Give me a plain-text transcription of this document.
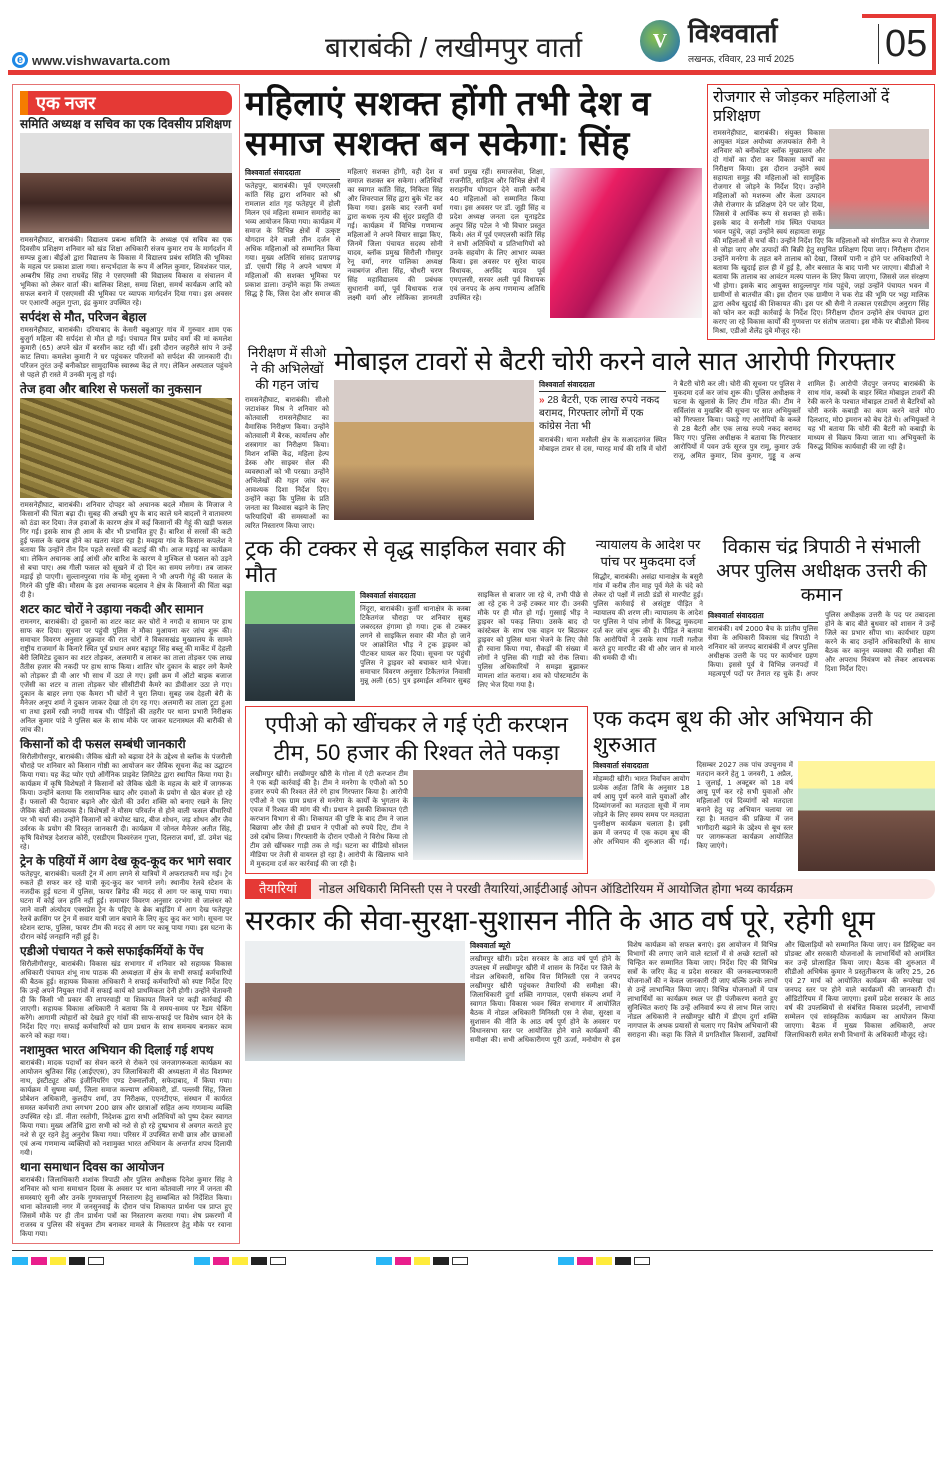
e www.vishwavarta.com	बाराबंकी / लखीमपुर वार्ता	V विश्ववार्ता
लखनऊ, रविवार, 23 मार्च 2025 05
एक नजर
समिति अध्यक्ष व सचिव का एक दिवसीय प्रशिक्षण

रामसनेहीघाट, बाराबंकी। विद्यालय प्रबन्ध समिति के अध्यक्ष एवं सचिव का एक दिवसीय प्रशिक्षण शनिवार को खंड शिक्षा अधिकारी संजय कुमार राय के मार्गदर्शन में सम्पन्न हुआ। बीईओ द्वारा विद्यालय के विकास में विद्यालय प्रबंध समिति की भूमिका के महत्व पर प्रकाश डाला गया। सन्दर्भदाता के रूप में अनिल कुमार, शिवशंकर पाल, अम्बरीष सिंह तथा राघवेंद्र सिंह ने एसएमसी की विद्यालय विकास व संचालन में भूमिका को लेकर वार्ता की। बालिका शिक्षा, समग्र शिक्षा, समर्थ कार्यक्रम आदि को सफल बनाने में एसएमसी की भूमिका पर व्यापक मार्गदर्शन दिया गया। इस अवसर पर एआरपी अतुल गुप्ता, इंद्र कुमार उपस्थित रहे।

सर्पदंश से मौत, परिजन बेहाल

रामसनेहीघाट, बाराबंकी। दरियाबाद के केसरी बबुआपुर गांव में गुरुवार शाम एक बुजुर्ग महिला की सर्पदंश से मौत हो गई। पंचायत मित्र प्रमोद वर्मा की मां कमलेश कुमारी (65) अपने खेत में बरसीन काट रही थीं। इसी दौरान जहरीले सांप ने उन्हें काट लिया। कमलेश कुमारी ने घर पहुंचकर परिजनों को सर्पदंश की जानकारी दी। परिजन तुरंत उन्हें बनीकोडर सामुदायिक स्वास्थ्य केंद्र ले गए। लेकिन अस्पताल पहुंचने से पहले ही रास्ते में उनकी मृत्यु हो गई।

तेज हवा और बारिश से फसलों का नुकसान

रामसनेहीघाट, बाराबंकी। शनिवार दोपहर को अचानक बदले मौसम के मिजाज ने किसानों की चिंता बढ़ा दी। सुबह की अच्छी धूप के बाद काले घने बादलों ने वातावरण को ठंडा कर दिया। तेज हवाओं के कारण क्षेत्र में कई किसानों की गेहूं की खड़ी फसल गिर गई। इसके साथ ही आम के बौर भी प्रभावित हुए हैं। बारिश से सरसों की कटी हुई फसल के खराब होने का खतरा मंडरा रहा है। मवइया गांव के किसान कपलेश ने बताया कि उन्होंने तीन दिन पहले सरसों की कटाई की थी। आज मड़ाई का कार्यक्रम था। लेकिन अचानक आई आंधी और बारिश के कारण वे मुश्किल से फसल को उड़ने से बचा पाए। अब गीली फसल को सूखने में दो दिन का समय लगेगा। तब जाकर मड़ाई हो पाएगी। सुल्तानपुरवा गांव के मोनू शुक्ला ने भी अपनी गेहूं की फसल के गिरने की पुष्टि की। मौसम के इस अचानक बदलाव ने क्षेत्र के किसानों की चिंता बढ़ा दी है।

शटर काट चोरों ने उड़ाया नकदी और सामान

रामनगर, बाराबंकी। दो दुकानों का शटर काट कर चोरों ने नगदी व सामान पर हाथ साफ कर दिया। सूचना पर पहुंची पुलिस ने मौका मुआयना कर जांच शुरू की। समाचार विवरण अनुसार शुक्रवार की रात चोरों ने विकासखंड मुख्यालय के सामने राष्ट्रीय राजमार्ग के किनारे स्थित पूर्व प्रधान अमर बहादुर सिंह बब्लू की मार्केट में देहली बेरी लिमिटेड दुकान का शटर तोड़कर, अलमारी व लाकर का ताला तोड़कर एक लाख तैंतीस हजार की नकदी पर हाथ साफ किया। शातिर चोर दुकान के बाहर लगे कैमरे को तोड़कर डी वी आर भी साथ में उठा ले गए। इसी क्रम में ऑटो बाइक बजाज एजेंसी का शटर व ताला तोड़कर चोर सीसीटीवी कैमरे का डीवीआर उठा ले गए। दुकान के बाहर लगा एक कैमरा भी चोरों ने चुरा लिया। सुबह जब देहली बेरी के मैनेजर अनूप शर्मा ने दुकान जाकर देखा तो दंग रह गए। अलमारी का ताला टूटा हुआ था तथा इसमें रखी नगदी गायब थी। पीड़ितों की तहरीर पर थाना प्रभारी निरीक्षक अनिल कुमार पांडे ने पुलिस बल के साथ मौके पर जाकर घटनास्थल की बारीकी से जांच की।

किसानों को दी फसल सम्बंधी जानकारी

सिरौलीगौसपुर, बाराबंकी। जैविक खेती को बढ़ावा देने के उद्देश्य से ब्लॉक के पंजरौली चौराहे पर शनिवार को किसान गोष्ठी का आयोजन कर जैविक सूचना केंद्र का उद्घाटन किया गया। यह केंद्र प्योर एग्रो ऑर्गेनिक प्राइवेट लिमिटेड द्वारा स्थापित किया गया है। कार्यक्रम में कृषि विशेषज्ञों ने किसानों को जैविक खेती के महत्व के बारे में जागरूक किया। उन्होंने बताया कि रासायनिक खाद और दवाओं के प्रयोग से खेत बंजर हो रहे हैं। फसलों की पैदावार बढ़ाने और खेतों की उर्वरा शक्ति को बनाए रखने के लिए जैविक खेती आवश्यक है। विशेषज्ञों ने मौसम परिवर्तन से होने वाली फसल बीमारियों पर भी चर्चा की। उन्होंने किसानों को कंपोस्ट खाद, बीज शोधन, जड़ शोधन और जैव उर्वरक के प्रयोग की विस्तृत जानकारी दी। कार्यक्रम में जोनल मैनेजर अतीत सिंह, कृषि विशेषज्ञ देशराज कोरी, एसडीएम विश्वरंजन गुप्ता, दिलराज वर्मा, डॉ. उमेश चंद्र रहे।

ट्रेन के पहियों में आग देख कूद-कूद कर भागे सवार

फतेहपुर, बाराबंकी। चलती ट्रेन में आग लगने से यात्रियों में अफरातफरी मच गई। ट्रेन रुकते ही सफर कर रहे यात्री कूद-कूद कर भागने लगे। स्थानीय रेलवे स्टेशन के नजदीक हुई घटना में पुलिस, फायर ब्रिगेड की मदद से आग पर काबू पाया गया। घटना में कोई जन हानि नहीं हुई। समाचार विवरण अनुसार दरभंगा से जालंधर को जाने वाली अंत्योदय एक्सप्रेस ट्रेन के पहिए के ब्रेक बाइंडिंग में आग देख फतेहपुर रेलवे क्रासिंग पर ट्रेन में सवार यात्री जान बचाने के लिए कूद कूद कर भागे। सूचना पर स्टेशन स्टाफ, पुलिस, फायर टीम की मदद से आग पर काबू पाया गया। इस घटना के दौरान कोई जनहानि नहीं हुई है।

एडीओ पंचायत ने कसे सफाईकर्मियों के पेंच

सिरौलीगौसपुर, बाराबंकी। विकास खंड सभागार में शनिवार को सहायक विकास अधिकारी पंचायत शंभू नाथ पाठक की अध्यक्षता में क्षेत्र के सभी सफाई कर्मचारियों की बैठक हुई। सहायक विकास अधिकारी ने सफाई कर्मचारियों को स्पष्ट निर्देश दिए कि उन्हें अपने नियुक्त गांवों में सफाई कार्य को प्राथमिकता देनी होगी। उन्होंने चेतावनी दी कि किसी भी प्रकार की लापरवाही या शिकायत मिलने पर कड़ी कार्रवाई की जाएगी। सहायक विकास अधिकारी ने बताया कि वे समय-समय पर रैंडम चेकिंग करेंगे। आगामी त्योहारों को देखते हुए गांवों की साफ-सफाई पर विशेष ध्यान देने के निर्देश दिए गए। सफाई कर्मचारियों को ग्राम प्रधान के साथ समन्वय बनाकर काम करने को कहा गया।

नशामुक्त भारत अभियान की दिलाई गई शपथ

बाराबंकी। मादक पदार्थों का सेवन करने से रोकने एवं जनजागरूकता कार्यक्रम का आयोजन श्रुतिका सिंह (आईएएस), उप जिलाधिकारी की अध्यक्षता में सेठ विशम्भर नाथ, इंस्टीट्यूट ऑफ इंजीनियरिंग एण्ड टेक्नालॉजी, सफेदाबाद, में किया गया। कार्यक्रम में सुषमा वर्मा, जिला समाज कल्याण अधिकारी, डॉ. पल्लवी सिंह, जिला प्रोबेशन अधिकारी, कुलदीप शर्मा, उप निरीक्षक, एएनटीएफ, संस्थान में कार्यरत समस्त कर्मचारी तथा लगभग 200 छात्र और छात्राओं सहित अन्य गणमान्य व्यक्ति उपस्थित रहे। डॉ. नीता रस्तोगी, निदेशक द्वारा सभी अतिथियों को पुष्प देकर स्वागत किया गया। मुख्य अतिथि द्वारा सभी को नशे से हो रहे दुष्प्रभाव से अवगत कराते हुए नशे से दूर रहने हेतु अनुरोध किया गया। परिसर में उपस्थित सभी छात्र और छात्राओं एवं अन्य गणमान्य व्यक्तियों को नशामुक्त भारत अभियान के अन्तर्गत शपथ दिलायी गयी।

थाना समाधान दिवस का आयोजन

बाराबंकी। जिलाधिकारी शशांक त्रिपाठी और पुलिस अधीक्षक दिनेश कुमार सिंह ने शनिवार को थाना समाधान दिवस के अवसर पर थाना कोतवाली नगर में जनता की समस्याएं सुनी और उनके गुणवत्तापूर्ण निस्तारण हेतु सम्बन्धित को निर्देशित किया। थाना कोतवाली नगर में जनसुनवाई के दौरान पांच शिकायत प्रार्थना पत्र प्राप्त हुए जिसमें मौके पर ही तीन प्रार्थना पत्रों का निस्तारण कराया गया। शेष प्रकरणों में राजस्व व पुलिस की संयुक्त टीम बनाकर मामले के निस्तारण हेतु मौके पर रवाना किया गया।

महिलाएं सशक्त होंगी तभी देश व समाज सशक्त बन सकेगा: सिंह
विश्ववार्ता संवाददाता

फतेहपुर, बाराबंकी। पूर्व एमएलसी कांति सिंह द्वारा शनिवार को श्री रामलाल शांत गृह फतेहपुर में होली मिलन एवं महिला सम्मान समारोह का भव्य आयोजन किया गया। कार्यक्रम में समाज के विभिन्न क्षेत्रों में उत्कृष्ट योगदान देने वाली तीन दर्जन से अधिक महिलाओं को सम्मानित किया गया। मुख्य अतिथि सांसद प्रतापगढ़ डॉ. एसपी सिंह ने अपने भाषण में महिलाओं की सशक्त भूमिका पर प्रकाश डाला। उन्होंने कहा कि तथ्यतः सिद्ध है कि, जिस देश और समाज की महिलाएं सशक्त होंगी, वही देश व समाज सशक्त बन सकेगा। अतिथियों का स्वागत कांति सिंह, निकिता सिंह और शिवरपाल सिंह द्वारा बुके भेंट कर किया गया। इसके बाद रजनी वर्मा द्वारा कथक नृत्य की सुंदर प्रस्तुति दी गई। कार्यक्रम में विभिन्न गणमान्य महिलाओं ने अपने विचार साझा किए, जिनमें जिला पंचायत सदस्य सोनी यादव, ब्लॉक प्रमुख सिरौली गौसपुर रेनू वर्मा, नगर पालिका अध्यक्ष नवाबगंज शीला सिंह, चौधरी चरण सिंह महाविद्यालय की प्रबंधक सुधारानी वर्मा, पूर्व विधायक राज लक्ष्मी वर्मा और लोकिका ज्ञानमती वर्मा प्रमुख रहीं। समाजसेवा, शिक्षा, राजनीति, साहित्य और विभिन्न क्षेत्रों में सराहनीय योगदान देने वाली करीब 40 महिलाओं को सम्मानित किया गया। इस अवसर पर डॉ. जूही सिंह व प्रदेश अध्यक्ष जनता दल यूनाइटेड अनूप सिंह पटेल ने भी विचार प्रस्तुत किये। अंत में पूर्व एमएलसी कांति सिंह ने सभी अतिथियों व प्रतिभागियों को उनके सहयोग के लिए आभार व्यक्त किया। इस अवसर पर सुरेश यादव विधायक, अरविंद यादव पूर्व एमएलसी, सरवर अली पूर्व विधायक एवं जनपद के अन्य गणमान्य अतिथि उपस्थित रहे।

रोजगार से जोड़कर महिलाओं दें प्रशिक्षण

रामसनेहीघाट, बाराबंकी। संयुक्त विकास आयुक्त मंडल अयोध्या अजयकांत सैनी ने शनिवार को बनीकोडर ब्लॉक मुख्यालय और दो गांवों का दौरा कर विकास कार्यों का निरीक्षण किया। इस दौरान उन्होंने स्वयं सहायता समूह की महिलाओं को सामूहिक रोजगार से जोड़ने के निर्देश दिए। उन्होंने महिलाओं को मशरूम और केला उत्पादन जैसे रोजगार के प्रशिक्षण देने पर जोर दिया, जिससे वे आर्थिक रूप से सशक्त हो सकें। इसके बाद वे सनौली गांव स्थित पंचायत भवन पहुंचे, जहां उन्होंने स्वयं सहायता समूह की महिलाओं से चर्चा की। उन्होंने निर्देश दिए कि महिलाओं को संगठित रूप से रोजगार से जोड़ा जाए और उत्पादों की बिक्री हेतु समुचित प्रशिक्षण दिया जाए। निरीक्षण दौरान उन्होंने मनरेगा के तहत बने तालाब को देखा, जिसमें पानी न होने पर अधिकारियों ने बताया कि खुदाई हाल ही में हुई है, और बरसात के बाद पानी भर जाएगा। बीडीओ ने बताया कि तालाब का आवंटन मत्स्य पालन के लिए किया जाएगा, जिससे जल संरक्षण भी होगा। इसके बाद आयुक्त सादुल्लापुर गांव पहुंचे, जहां उन्होंने पंचायत भवन में ग्रामीणों से बातचीत की। इस दौरान एक ग्रामीण ने चक रोड की भूमि पर भट्ठा मालिक द्वारा अवैध खुदाई की शिकायत की। इस पर श्री सैनी ने तत्काल एसडीएम अनुराग सिंह को फोन कर कड़ी कार्रवाई के निर्देश दिए। निरीक्षण दौरान उन्होंने क्षेत्र पंचायत द्वारा कराए जा रहे विकास कार्यों की गुणवत्ता पर संतोष जताया। इस मौके पर बीडीओ विनय मिश्रा, एडीओ शैलेंद्र दुबे मौजूद रहे।

निरीक्षण में सीओ ने की अभिलेखों की गहन जांच

रामसनेहीघाट, बाराबंकी। सीओ जटाशंकर मिश्र ने शनिवार को कोतवाली रामसनेहीघाट का वैमासिक निरीक्षण किया। उन्होंने कोतवाली में बैरक, कार्यालय और शस्त्रागार का निरीक्षण किया। मिशन शक्ति केंद्र, महिला हेल्प डेस्क और साइबर सेल की व्यवस्थाओं को भी परखा। उन्होंने अभिलेखों की गहन जांच कर आवश्यक दिशा निर्देश दिए। उन्होंने कहा कि पुलिस के प्रति जनता का विश्वास बढ़ाने के लिए फरियादियों की समस्याओं का त्वरित निस्तारण किया जाए।

मोबाइल टावरों से बैटरी चोरी करने वाले सात आरोपी गिरफ्तार
विश्ववार्ता संवाददाता
» 28 बैटरी, एक लाख रुपये नकद बरामद, गिरफ्तार लोगों में एक कांग्रेस नेता भी

बाराबंकी। थाना मसौली क्षेत्र के सआदतगंज स्थित मोबाइल टावर से दस, ग्यारह मार्च की रात्रि में चोरों ने बैटरी चोरी कर ली। चोरी की सूचना पर पुलिस ने मुकदमा दर्ज कर जांच शुरू की। पुलिस अधीक्षक ने घटना के खुलासे के लिए टीम गठित की। टीम ने सर्विलांस व मुखबिर की सूचना पर सात अभियुक्तों को गिरफ्तार किया। पकड़े गए आरोपियों के कब्जे से 28 बैटरी और एक लाख रुपये नकद बरामद किए गए। पुलिस अधीक्षक ने बताया कि गिरफ्तार आरोपियों में पवन उर्फ सूरज पुत्र रामू, कुमार उर्फ राजू, अमित कुमार, शिव कुमार, गुड्डू व अन्य शामिल हैं। आरोपी जैदपुर जनपद बाराबंकी के साथ गांव, कस्बों के बाहर स्थित मोबाइल टावरों की रेकी करने के पश्चात मोबाइल टावरों से बैटरियों को चोरी करके कबाड़ी का काम करने वाले मो0 दिलशाद, मो0 इमरान को बेच देते थे। अभियुक्तों ने यह भी बताया कि चोरी की बैटरी को कबाड़ी के माध्यम से विक्रय किया जाता था। अभियुक्तों के विरुद्ध विधिक कार्यवाही की जा रही है।

ट्रक की टक्कर से वृद्ध साइकिल सवार की मौत
विश्ववार्ता संवाददाता

निंदूरा, बाराबंकी। कुर्सी थानाक्षेत्र के कस्बा टिकैतगंज चौराहा पर शनिवार सुबह जबरदस्त हंगामा हो गया। ट्रक से टक्कर लगने से साइकिल सवार की मौत हो जाने पर आक्रोशित भीड़ ने ट्रक ड्राइवर को पीटकर घायल कर दिया। सूचना पर पहुंची पुलिस ने ड्राइवर को बचाकर थाने भेजा। समाचार विवरण अनुसार टिकैतगंज निवासी मुन्नू अली (65) पुत्र इस्माईल शनिवार सुबह साइकिल से बाजार जा रहे थे, तभी पीछे से आ रहे ट्रक ने उन्हें टक्कर मार दी। उनकी मौके पर ही मौत हो गई। गुस्साई भीड़ ने ड्राइवर को पकड़ लिया। उसके बाद दो कांस्टेबल के साथ एक वाहन पर बिठाकर ड्राइवर को पुलिस थाना भेजने के लिए जैसे ही रवाना किया गया, सैकड़ों की संख्या में लोगों ने पुलिस की गाड़ी को रोक लिया। पुलिस अधिकारियों ने समझा बुझाकर मामला शांत कराया। शव को पोस्टमार्टम के लिए भेज दिया गया है।

न्यायालय के आदेश पर पांच पर मुकदमा दर्ज

सिद्धौर, बाराबंकी। असंद्रा थानाक्षेत्र के बसुरी गांव में करीब तीन माह पूर्व मेले के चंदे को लेकर दो पक्षों में लाठी डंडों से मारपीट हुई। पुलिस कार्रवाई से असंतुष्ट पीड़ित ने न्यायालय की शरण ली। न्यायालय के आदेश पर पुलिस ने पांच लोगों के विरुद्ध मुकदमा दर्ज कर जांच शुरू की है। पीड़ित ने बताया कि आरोपियों ने उसके साथ गाली गलौज करते हुए मारपीट की थी और जान से मारने की धमकी दी थी।

विकास चंद्र त्रिपाठी ने संभाली अपर पुलिस अधीक्षक उत्तरी की कमान
विश्ववार्ता संवाददाता

बाराबंकी। वर्ष 2000 बैच के प्रांतीय पुलिस सेवा के अधिकारी विकास चंद्र त्रिपाठी ने शनिवार को जनपद बाराबंकी में अपर पुलिस अधीक्षक उत्तरी के पद पर कार्यभार ग्रहण किया। इससे पूर्व वे विभिन्न जनपदों में महत्वपूर्ण पदों पर तैनात रह चुके हैं। अपर पुलिस अधीक्षक उत्तरी के पद पर तबादला होने के बाद बीते बुधवार को शासन ने उन्हें जिले का प्रभार सौंपा था। कार्यभार ग्रहण करने के बाद उन्होंने अधिकारियों के साथ बैठक कर कानून व्यवस्था की समीक्षा की और अपराध नियंत्रण को लेकर आवश्यक दिशा निर्देश दिए।

एपीओ को खींचकर ले गई एंटी करप्शन टीम, 50 हजार की रिश्वत लेते पकड़ा

लखीमपुर खीरी। लखीमपुर खीरी के गोला में एंटी करप्शन टीम ने एक बड़ी कार्रवाई की है। टीम ने मनरेगा के एपीओ को 50 हजार रुपये की रिश्वत लेते रंगे हाथ गिरफ्तार किया है। आरोपी एपीओ ने एक ग्राम प्रधान से मनरेगा के कार्यों के भुगतान के एवज में रिश्वत की मांग की थी। प्रधान ने इसकी शिकायत एंटी करप्शन विभाग से की। शिकायत की पुष्टि के बाद टीम ने जाल बिछाया और जैसे ही प्रधान ने एपीओ को रुपये दिए, टीम ने उसे दबोच लिया। गिरफ्तारी के दौरान एपीओ ने विरोध किया तो टीम उसे खींचकर गाड़ी तक ले गई। घटना का वीडियो सोशल मीडिया पर तेजी से वायरल हो रहा है। आरोपी के खिलाफ थाने में मुकदमा दर्ज कर कार्रवाई की जा रही है।

एक कदम बूथ की ओर अभियान की शुरुआत
विश्ववार्ता संवाददाता

मोहम्मदी खीरी। भारत निर्वाचन आयोग प्रत्येक अर्हता तिथि के अनुसार 18 वर्ष आयु पूर्ण करने वाले युवाओं और दिव्यांगजनों का मतदाता सूची में नाम जोड़ने के लिए समय समय पर मतदाता पुनरीक्षण कार्यक्रम चलाता है। इसी क्रम में जनपद में एक कदम बूथ की ओर अभियान की शुरुआत की गई। दिसम्बर 2027 तक पांच उपचुनाव में मतदान करने हेतु 1 जनवरी, 1 अप्रैल, 1 जुलाई, 1 अक्टूबर को 18 वर्ष आयु पूर्ण कर रहे सभी युवाओं और महिलाओं एवं दिव्यांगों को मतदाता बनाने हेतु यह अभियान चलाया जा रहा है। मतदान की प्रक्रिया में जन भागीदारी बढ़ाने के उद्देश्य से बूथ स्तर पर जागरूकता कार्यक्रम आयोजित किए जाएंगे।

तैयारियां	नोडल अधिकारी मिनिस्ती एस ने परखी तैयारियां,आईटीआई ओपन ऑडिटोरियम में आयोजित होगा भव्य कार्यक्रम
सरकार की सेवा-सुरक्षा-सुशासन नीति के आठ वर्ष पूरे, रहेगी धूम
विश्ववार्ता ब्यूरो

लखीमपुर खीरी। प्रदेश सरकार के आठ वर्ष पूर्ण होने के उपलक्ष्य में लखीमपुर खीरी में शासन के निर्देश पर जिले के नोडल अधिकारी, सचिव वित्त मिनिस्ती एस ने जनपद लखीमपुर खीरी पहुंचकर तैयारियों की समीक्षा की। जिलाधिकारी दुर्गा शक्ति नागपाल, एसपी संकल्प शर्मा ने स्वागत किया। विकास भवन स्थित सभागार में आयोजित बैठक में नोडल अधिकारी मिनिस्ती एस ने सेवा, सुरक्षा व सुशासन की नीति के आठ वर्ष पूर्ण होने के अवसर पर विधानसभा स्तर पर आयोजित होने वाले कार्यक्रमों की समीक्षा की। सभी अधिकारीगण पूरी ऊर्जा, मनोयोग से इस विशेष कार्यक्रम को सफल बनाएं। इस आयोजन में विभिन्न विभागों की लगाए जाने वाले स्टालों में से अच्छे स्टालों को चिन्हित कर सम्मानित किया जाए। निर्देश दिए की विभिन्न सत्रों के जरिए केंद्र व प्रदेश सरकार की जनकल्याणकारी योजनाओं की न केवल जानकारी दी जाए बल्कि उनके लाभों से उन्हें लाभान्वित किया जाए। विभिन्न योजनाओं में पात्र लाभार्थियों का कार्यक्रम स्थल पर ही पंजीकरण कराते हुए सुनिश्चित कराएं कि उन्हें अनिवार्य रूप से लाभ मिल जाए। नोडल अधिकारी ने लखीमपुर खीरी में डीएम दुर्गा शक्ति नागपाल के अथक प्रयासों से चलाए गए विशेष अभियानों की सराहना की। कहा कि जिले में प्रगतिशील किसानों, उद्यमियों और खिलाड़ियों को सम्मानित किया जाए। वन डिस्ट्रिक्ट वन प्रोडक्ट और सरकारी योजनाओं के लाभार्थियों को आमंत्रित कर उन्हें प्रोत्साहित किया जाए। बैठक की शुरुआत में सीडीओ अभिषेक कुमार ने प्रस्तुतीकरण के जरिए 25, 26 एवं 27 मार्च को आयोजित कार्यक्रम की रूपरेखा एवं जनपद स्तर पर होने वाले कार्यक्रमों की जानकारी दी। ऑडिटोरियम में किया जाएगा। इसमें प्रदेश सरकार के आठ वर्ष की उपलब्धियों से संबंधित विकास प्रदर्शनी, लाभार्थी सम्मेलन एवं सांस्कृतिक कार्यक्रम का आयोजन किया जाएगा। बैठक में मुख्य विकास अधिकारी, अपर जिलाधिकारी समेत सभी विभागों के अधिकारी मौजूद रहे।
